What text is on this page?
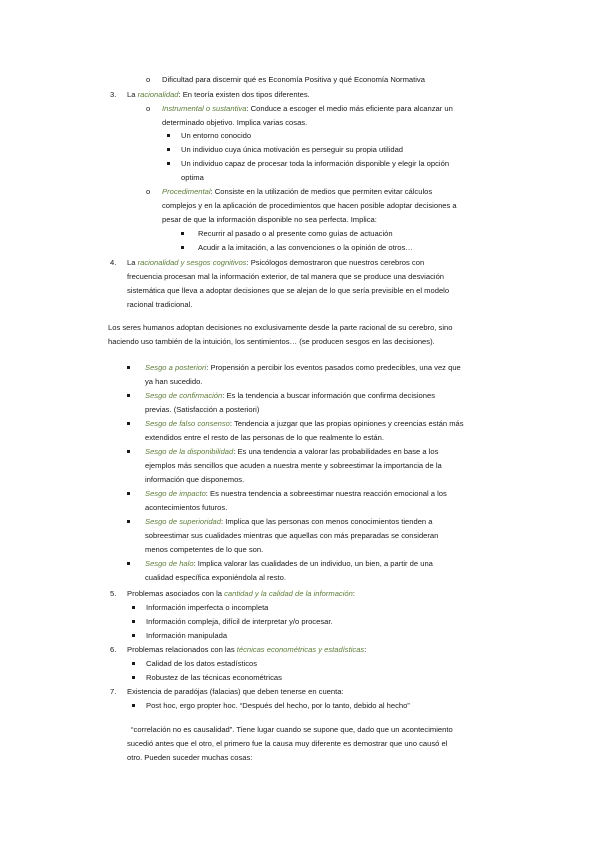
o Dificultad para discernir qué es Economía Positiva y qué Economía Normativa
3. La racionalidad: En teoría existen dos tipos diferentes.
o Instrumental o sustantiva: Conduce a escoger el medio más eficiente para alcanzar un
determinado objetivo. Implica varias cosas.
Un entorno conocido
Un individuo cuya única motivación es perseguir su propia utilidad
Un individuo capaz de procesar toda la información disponible y elegir la opción
optima
o Procedimental: Consiste en la utilización de medios que permiten evitar cálculos
complejos y en la aplicación de procedimientos que hacen posible adoptar decisiones a
pesar de que la información disponible no sea perfecta. Implica:
Recurrir al pasado o al presente como guías de actuación
Acudir a la imitación, a las convenciones o la opinión de otros…
4. La racionalidad y sesgos cognitivos: Psicólogos demostraron que nuestros cerebros con
frecuencia procesan mal la información exterior, de tal manera que se produce una desviación
sistemática que lleva a adoptar decisiones que se alejan de lo que sería previsible en el modelo
racional tradicional.
Los seres humanos adoptan decisiones no exclusivamente desde la parte racional de su cerebro, sino
haciendo uso también de la intuición, los sentimientos… (se producen sesgos en las decisiones).
Sesgo a posteriori: Propensión a percibir los eventos pasados como predecibles, una vez que
ya han sucedido.
Sesgo de confirmación: Es la tendencia a buscar información que confirma decisiones
previas. (Satisfacción a posteriori)
Sesgo de falso consenso: Tendencia a juzgar que las propias opiniones y creencias están más
extendidos entre el resto de las personas de lo que realmente lo están.
Sesgo de la disponibilidad: Es una tendencia a valorar las probabilidades en base a los
ejemplos más sencillos que acuden a nuestra mente y sobreestimar la importancia de la
información que disponemos.
Sesgo de impacto: Es nuestra tendencia a sobreestimar nuestra reacción emocional a los
acontecimientos futuros.
Sesgo de superioridad: Implica que las personas con menos conocimientos tienden a
sobreestimar sus cualidades mientras que aquellas con más preparadas se consideran
menos competentes de lo que son.
Sesgo de halo: Implica valorar las cualidades de un individuo, un bien, a partir de una
cualidad específica exponiéndola al resto.
5. Problemas asociados con la cantidad y la calidad de la información:
Información imperfecta o incompleta
Información compleja, difícil de interpretar y/o procesar.
Información manipulada
6. Problemas relacionados con las técnicas econométricas y estadísticas:
Calidad de los datos estadísticos
Robustez de las técnicas econométricas
7. Existencia de paradójas (falacias) que deben tenerse en cuenta:
Post hoc, ergo propter hoc. “Después del hecho, por lo tanto, debido al hecho”
“correlación no es causalidad”. Tiene lugar cuando se supone que, dado que un acontecimiento
sucedió antes que el otro, el primero fue la causa muy diferente es demostrar que uno causó el
otro. Pueden suceder muchas cosas:
